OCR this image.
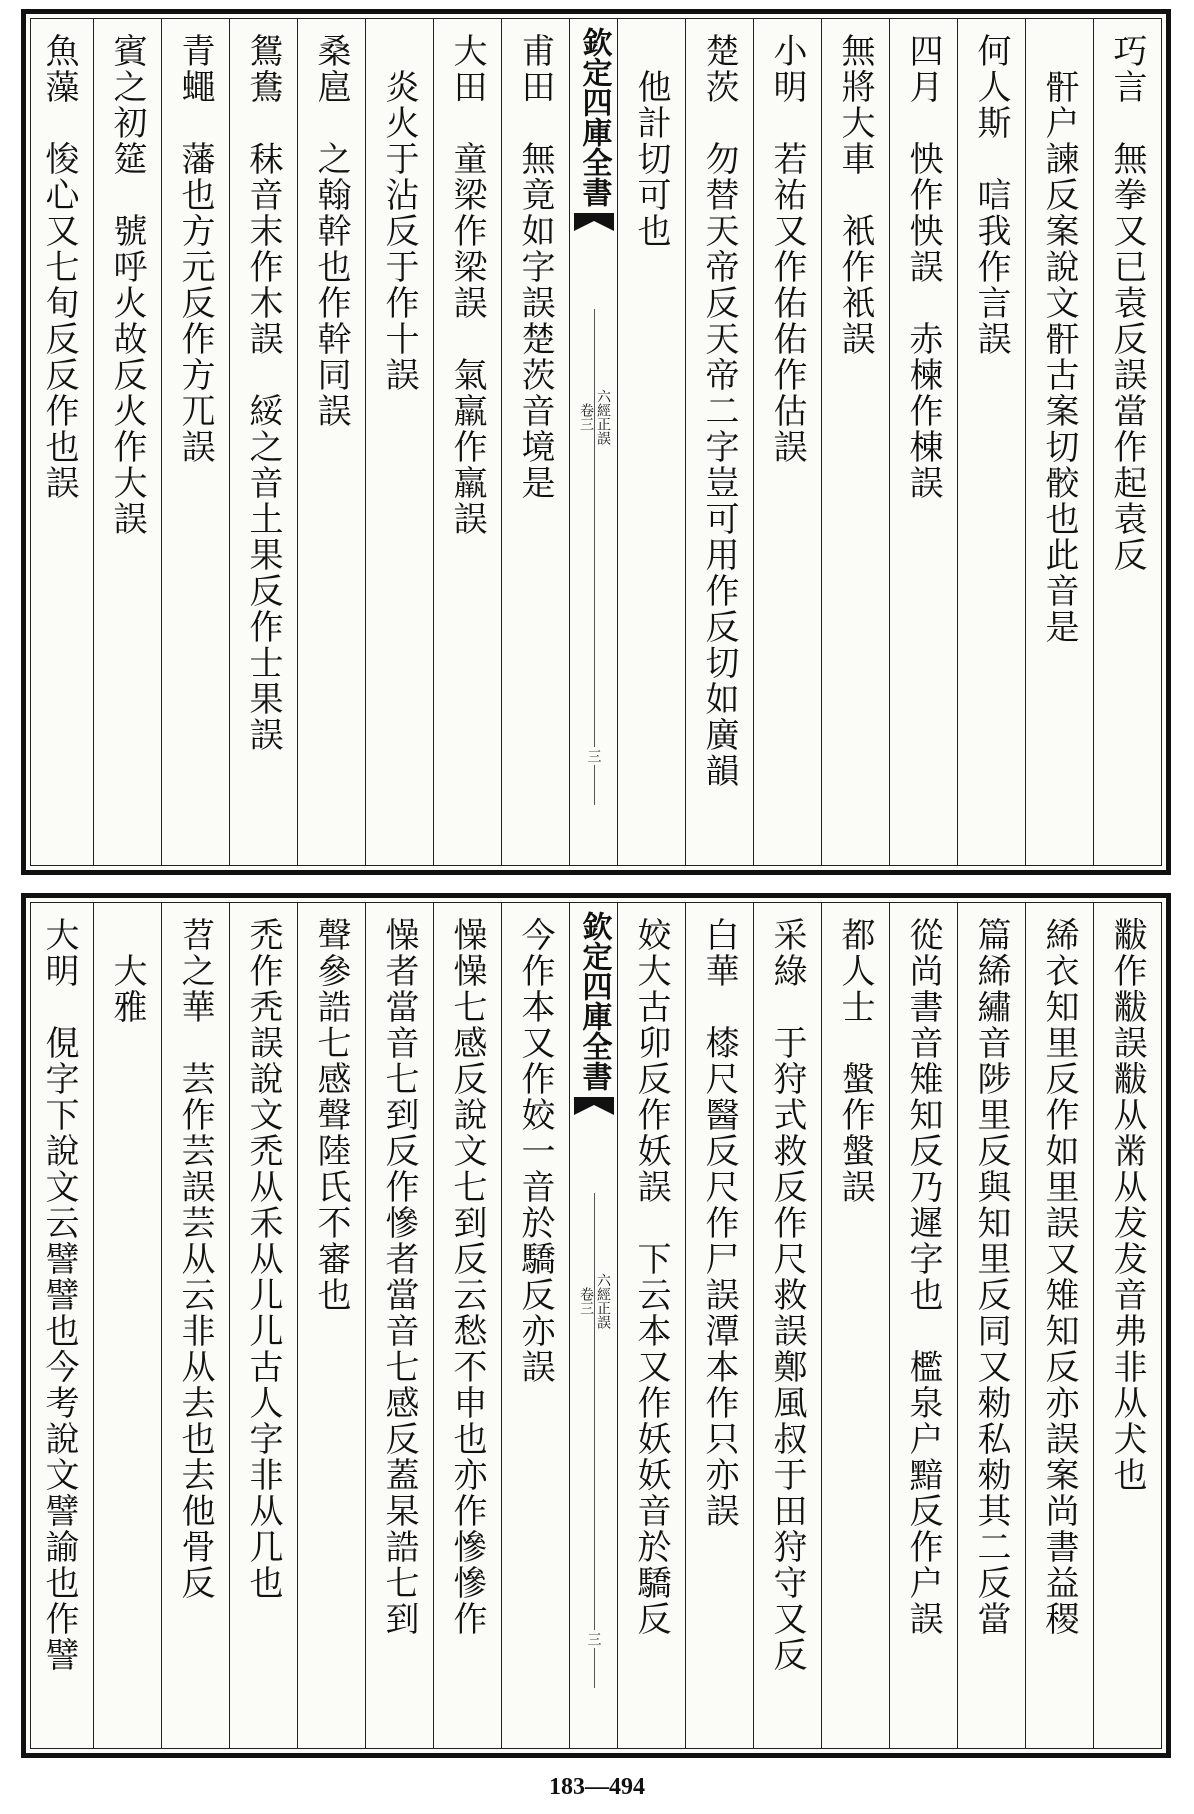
巧言　無拳又已袁反誤當作起袁反
　骭户諫反案說文骭古案切骹也此音是
何人斯　唁我作言誤
四月　怏作怏誤　赤楝作棟誤
無將大車　衹作衹誤
小明　若祐又作佑佑作估誤
楚茨　勿替天帝反天帝二字豈可用作反切如廣韻
　他計切可也
欽定四庫全書
六經正誤
卷三
三
甫田　無竟如字誤楚茨音境是
大田　童梁作梁誤　氣羸作羸誤
　炎火于沾反于作十誤
桑扈　之翰幹也作幹同誤
鴛鴦　秣音末作木誤　綏之音土果反作士果誤
青蠅　藩也方元反作方兀誤
賓之初筵　號呼火故反火作大誤
魚藻　悛心又七旬反反作也誤
黻作黻誤黻从黹从犮犮音弗非从犬也
絺衣知里反作如里誤又雉知反亦誤案尚書益稷
篇絺繡音陟里反與知里反同又勑私勑其二反當
從尚書音雉知反乃遲字也　檻泉户黯反作户誤
都人士　螌作螌誤
采綠　于狩式救反作尺救誤鄭風叔于田狩守又反
白華　㯃尺醫反尺作尸誤潭本作只亦誤
姣大古卯反作妖誤　下云本又作妖妖音於驕反
欽定四庫全書
六經正誤
卷三
三
今作本又作姣一音於驕反亦誤
懆懆七感反說文七到反云愁不申也亦作慘慘作
懆者當音七到反作慘者當音七感反蓋杲誥七到
聲參誥七感聲陸氏不審也
禿作秃誤說文禿从禾从儿儿古人字非从几也
苕之華　芸作芸誤芸从云非从去也去他骨反
　大雅
大明　俔字下說文云譬譬也今考說文譬諭也作譬
183—494
